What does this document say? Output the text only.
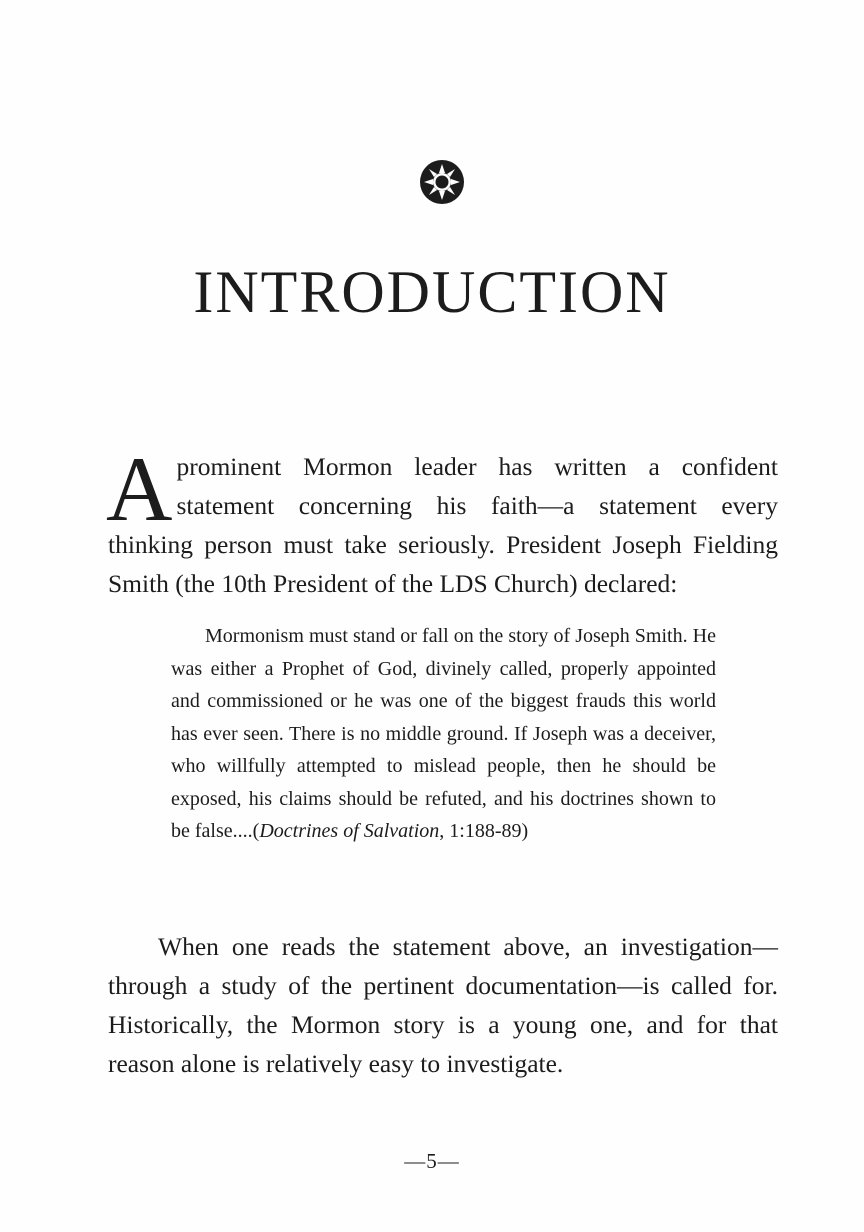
INTRODUCTION

Aprominent Mormon leader has written a confident statement concerning his faith—a statement every thinking person must take seriously. President Joseph Fielding Smith (the 10th President of the LDS Church) declared:

Mormonism must stand or fall on the story of Joseph Smith. He was either a Prophet of God, divinely called, properly appointed and commissioned or he was one of the biggest frauds this world has ever seen. There is no middle ground. If Joseph was a deceiver, who willfully attempted to mislead people, then he should be exposed, his claims should be refuted, and his doctrines shown to be false....(Doctrines of Salvation, 1:188-89)

When one reads the statement above, an investigation—through a study of the pertinent documentation—is called for. Historically, the Mormon story is a young one, and for that reason alone is relatively easy to investigate.

—5—
